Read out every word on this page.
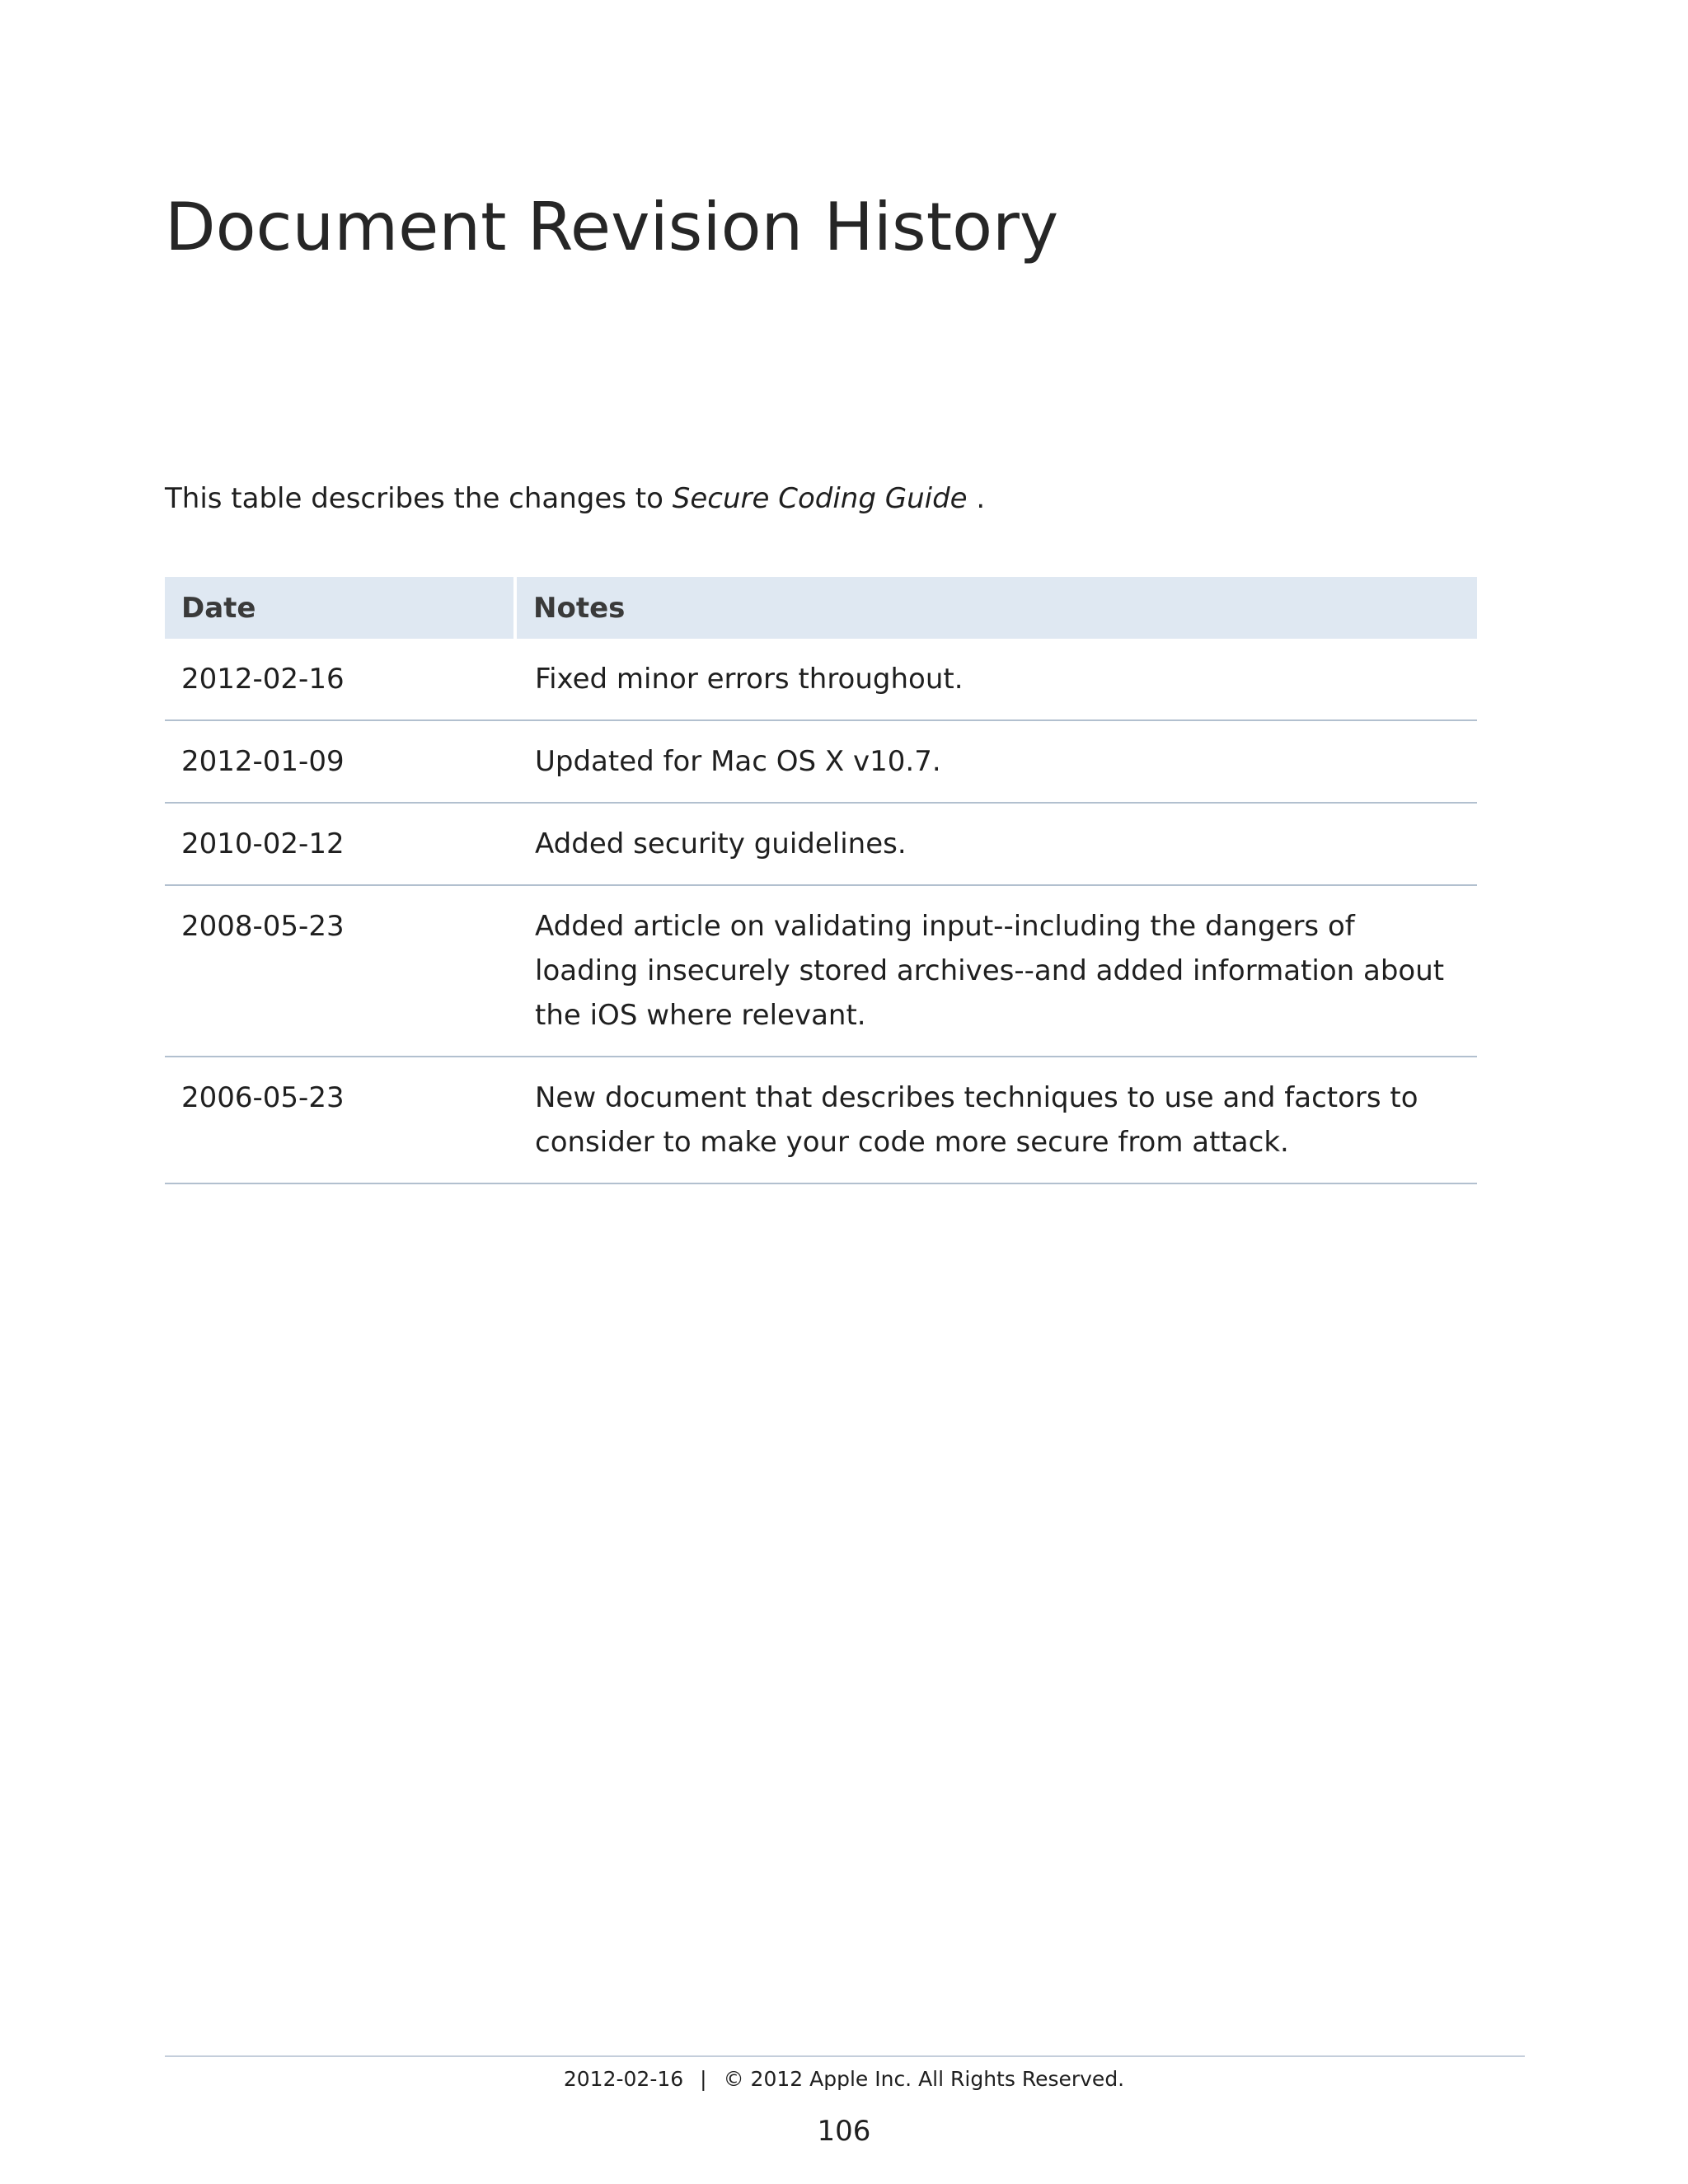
Document Revision History

This table describes the changes to Secure Coding Guide .

Date	Notes
2012-02-16	Fixed minor errors throughout.
2012-01-09	Updated for Mac OS X v10.7.
2010-02-12	Added security guidelines.
2008-05-23	Added article on validating input--including the dangers of loading insecurely stored archives--and added information about the iOS where relevant.
2006-05-23	New document that describes techniques to use and factors to consider to make your code more secure from attack.
2012-02-16 | © 2012 Apple Inc. All Rights Reserved.
106
